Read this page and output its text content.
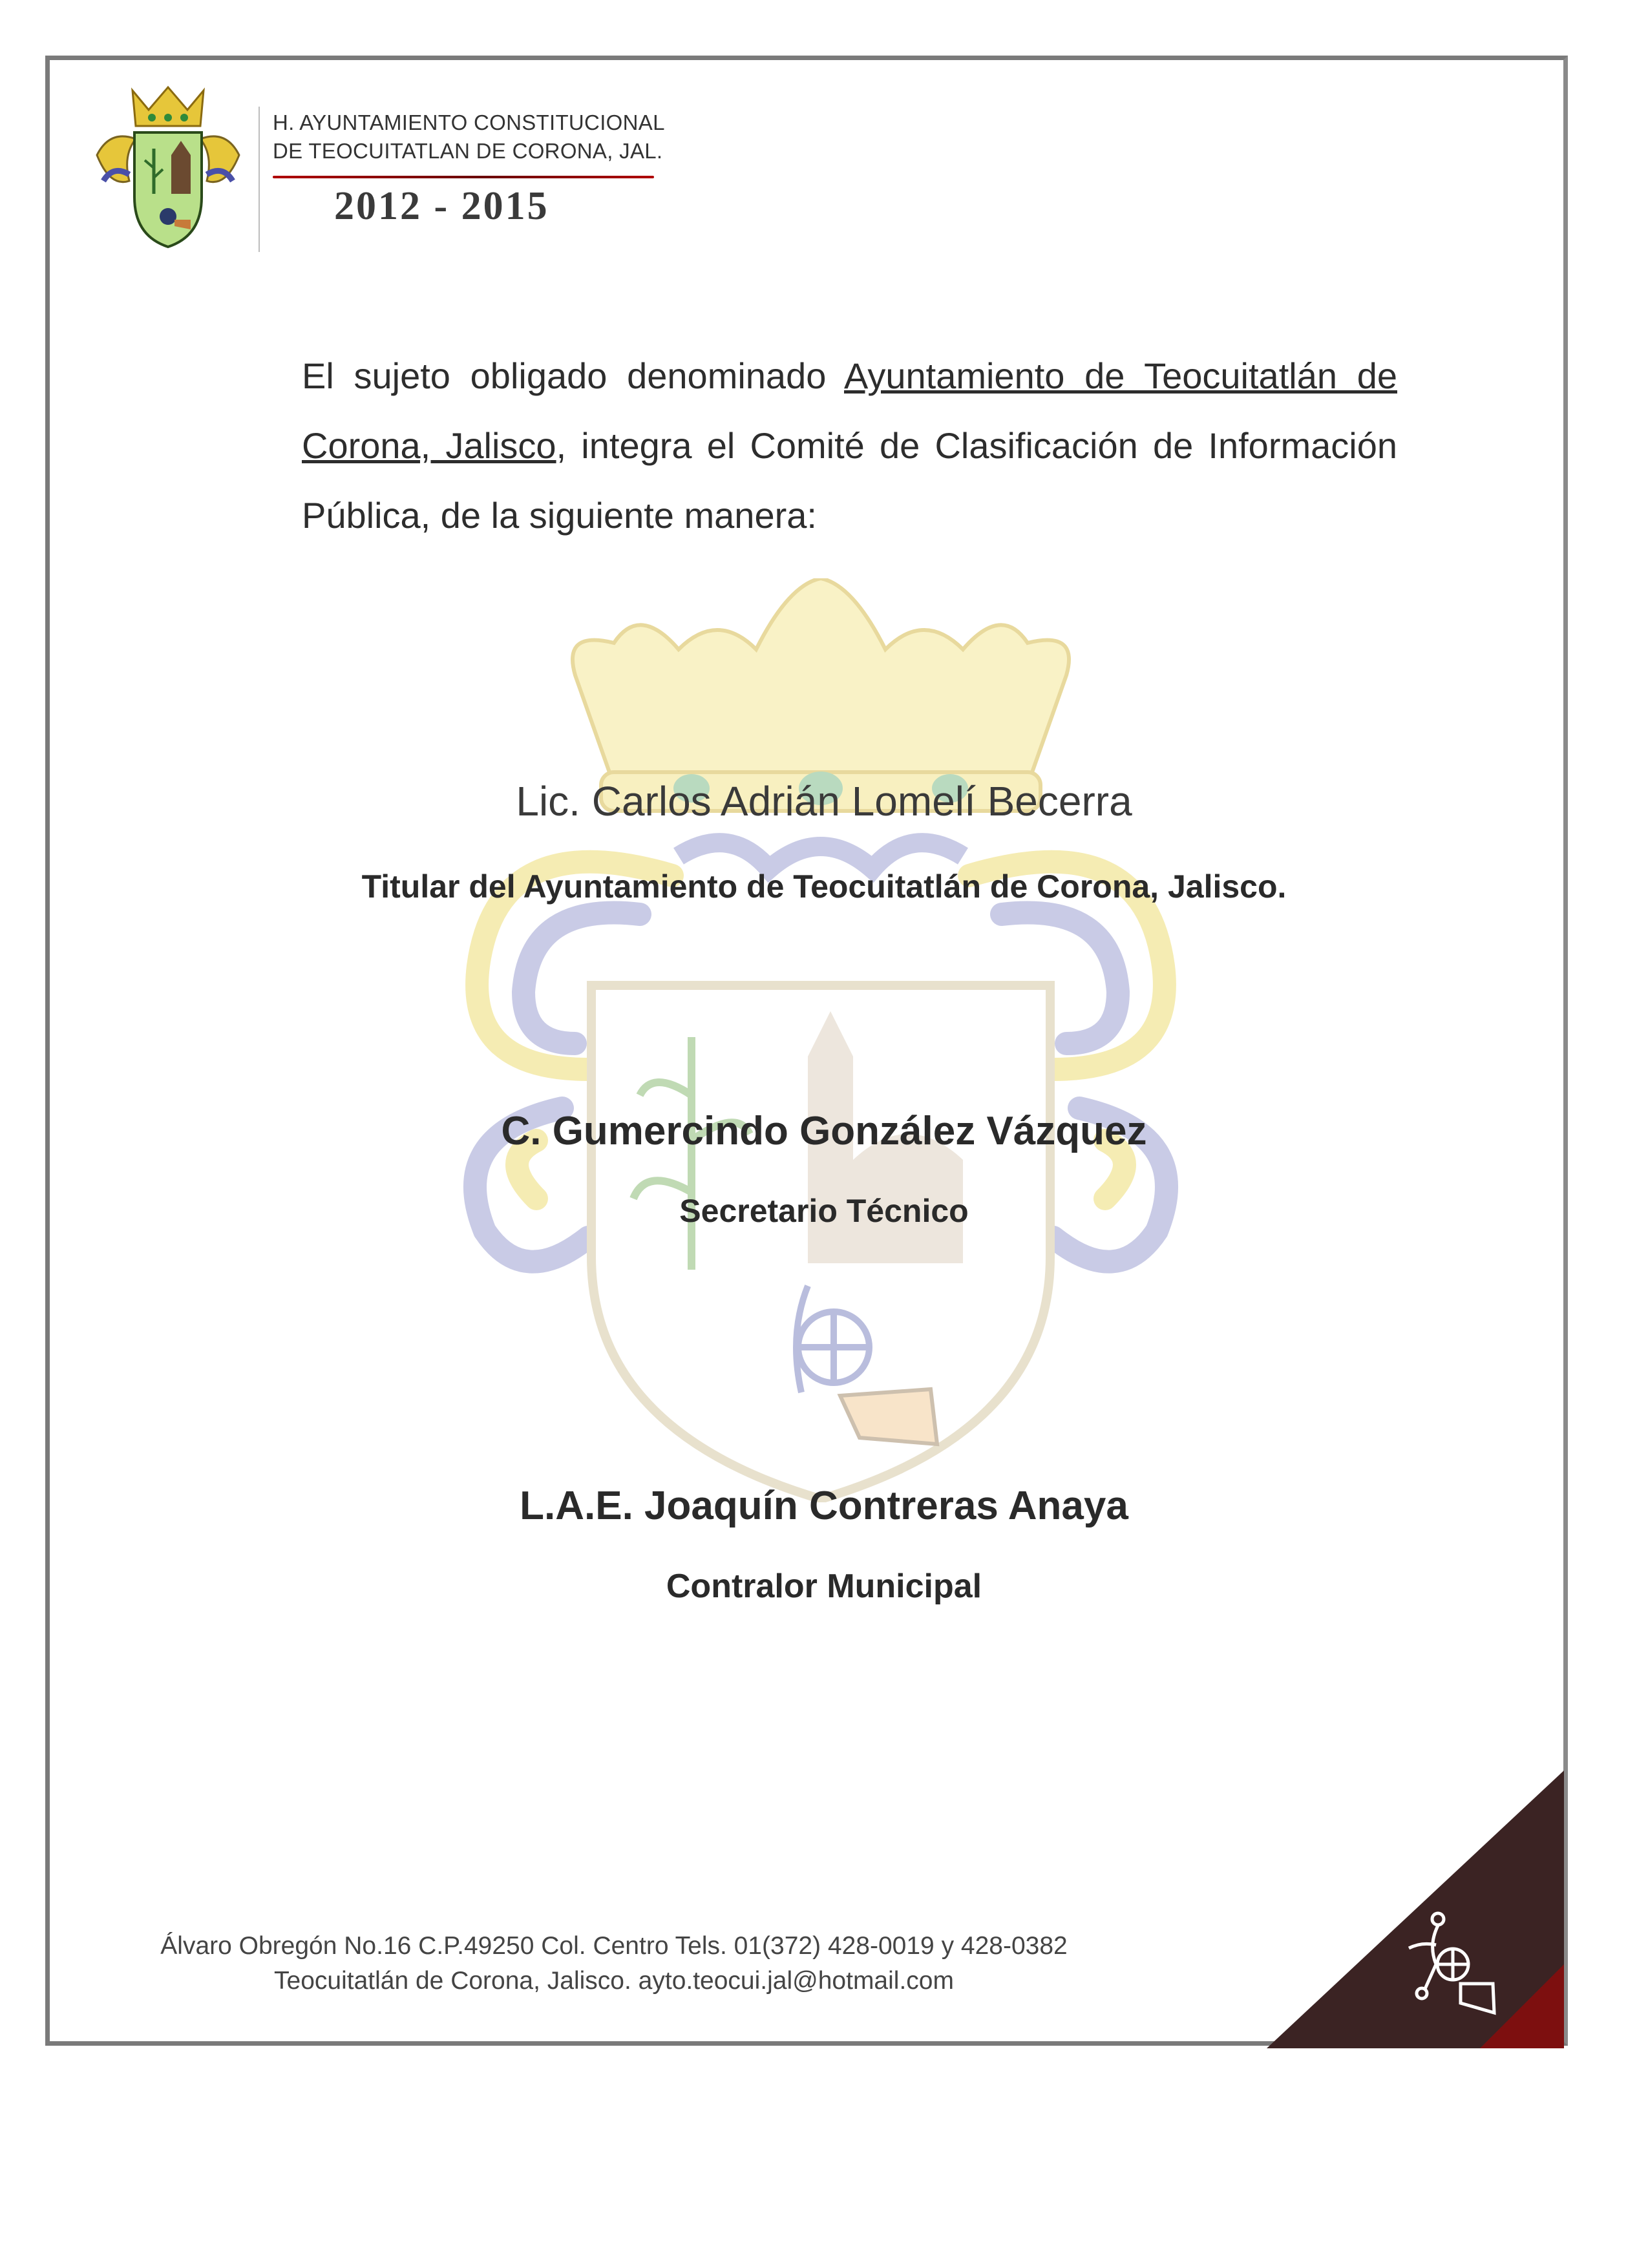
H. AYUNTAMIENTO CONSTITUCIONAL
DE TEOCUITATLAN DE CORONA, JAL.
2012 - 2015
El sujeto obligado denominado Ayuntamiento de Teocuitatlán de Corona, Jalisco, integra el Comité de Clasificación de Información Pública, de la siguiente manera:
Lic. Carlos Adrián Lomelí Becerra
Titular del Ayuntamiento de Teocuitatlán de Corona, Jalisco.
C. Gumercindo González Vázquez
Secretario Técnico
L.A.E. Joaquín Contreras Anaya
Contralor Municipal
Álvaro Obregón No.16 C.P.49250 Col. Centro Tels. 01(372) 428-0019 y 428-0382
Teocuitatlán de Corona, Jalisco. ayto.teocui.jal@hotmail.com
